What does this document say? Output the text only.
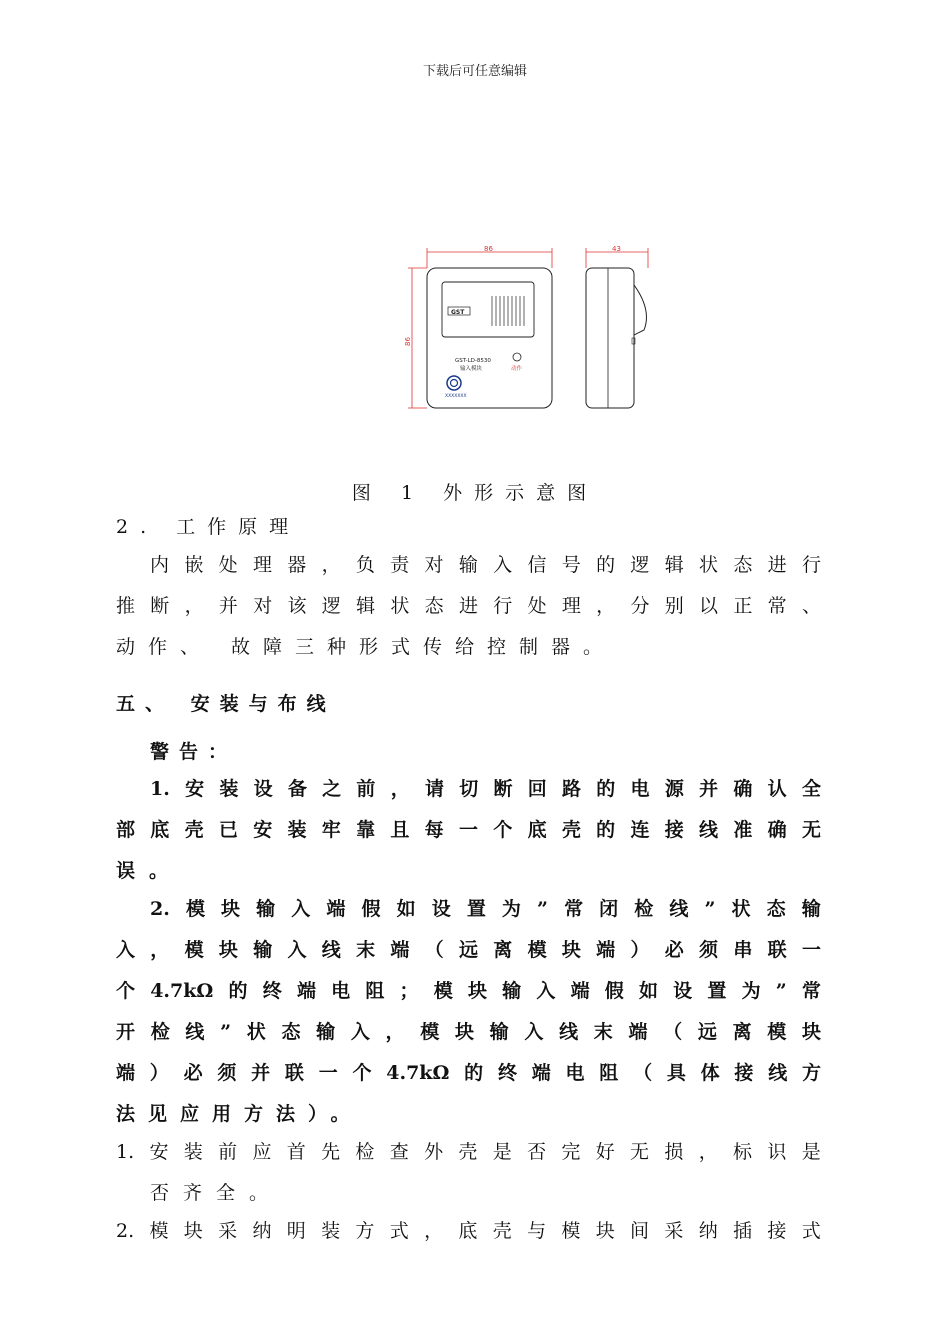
下载后可任意编辑
86
86
GST
GST-LD-8530
输入模块	动作
XXXXXXX
43
图 1 外形示意图
2. 工作原理
内 嵌 处 理 器 ， 负 责 对 输 入 信 号 的 逻 辑 状 态 进 行
推 断 ， 并 对 该 逻 辑 状 态 进 行 处 理 ， 分 别 以 正 常 、
动作、 故障三种形式传给控制器。
五、 安装与布线
警告：
1. 安 装 设 备 之 前 ， 请 切 断 回 路 的 电 源 并 确 认 全
部 底 壳 已 安 装 牢 靠 且 每 一 个 底 壳 的 连 接 线 准 确 无
误。
2. 模 块 输 入 端 假 如 设 置 为 ” 常 闭 检 线 ” 状 态 输
入 ， 模 块 输 入 线 末 端 （ 远 离 模 块 端 ） 必 须 串 联 一
个 4.7kΩ 的 终 端 电 阻 ； 模 块 输 入 端 假 如 设 置 为 ” 常
开 检 线 ” 状 态 输 入 ， 模 块 输 入 线 末 端 （ 远 离 模 块
端 ） 必 须 并 联 一 个 4.7kΩ 的 终 端 电 阻 （ 具 体 接 线 方
法见应用方法）。
1. 安 装 前 应 首 先 检 查 外 壳 是 否 完 好 无 损 ， 标 识 是
否齐全。
2. 模 块 采 纳 明 装 方 式 ， 底 壳 与 模 块 间 采 纳 插 接 式
